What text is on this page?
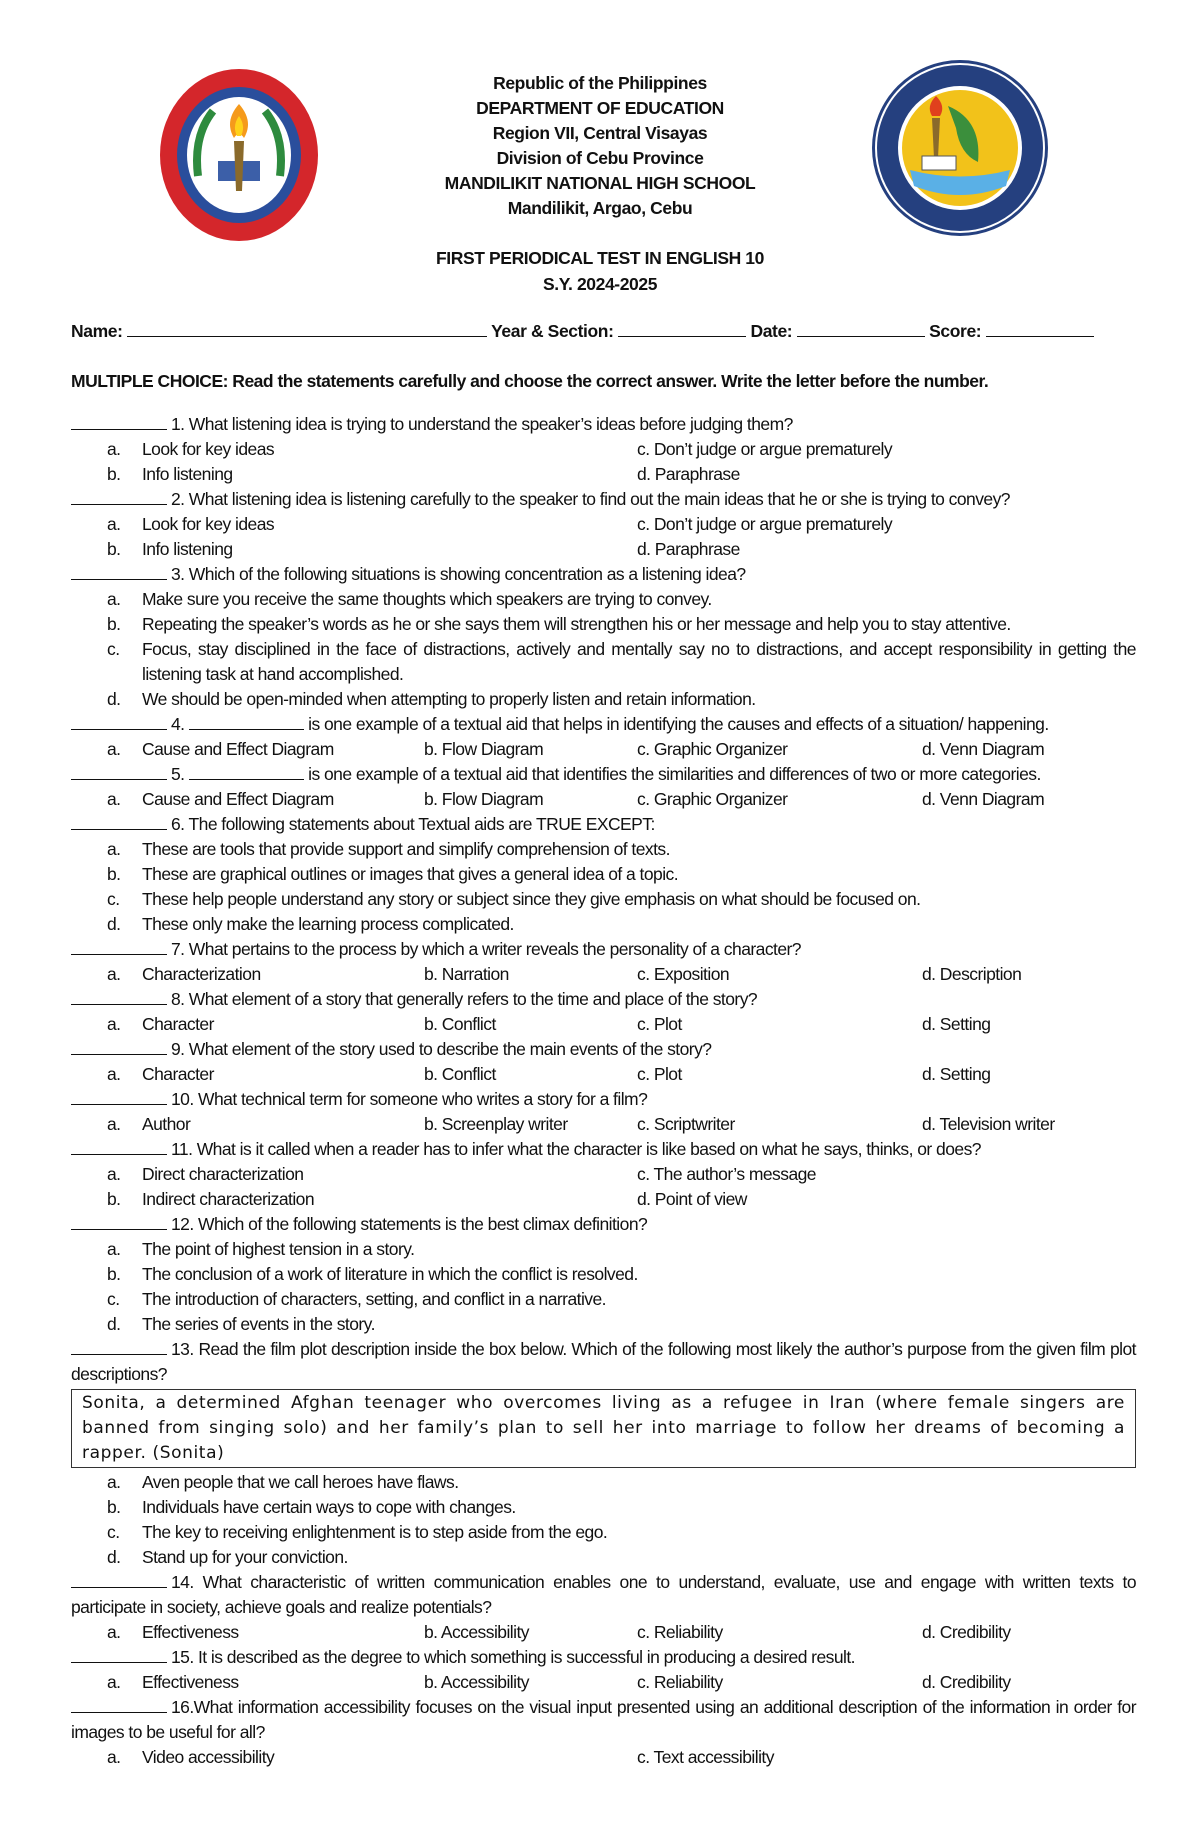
Republic of the Philippines
DEPARTMENT OF EDUCATION
Region VII, Central Visayas
Division of Cebu Province
MANDILIKIT NATIONAL HIGH SCHOOL
Mandilikit, Argao, Cebu
FIRST PERIODICAL TEST IN ENGLISH 10
S.Y. 2024-2025
Name:	Year & Section:	Date:	Score:
MULTIPLE CHOICE: Read the statements carefully and choose the correct answer. Write the letter before the number.
1. What listening idea is trying to understand the speaker’s ideas before judging them?
a. Look for key ideas	c. Don’t judge or argue prematurely
b. Info listening	d. Paraphrase
2. What listening idea is listening carefully to the speaker to find out the main ideas that he or she is trying to convey?
a. Look for key ideas	c. Don’t judge or argue prematurely
b. Info listening	d. Paraphrase
3. Which of the following situations is showing concentration as a listening idea?
a.	Make sure you receive the same thoughts which speakers are trying to convey.
b.	Repeating the speaker’s words as he or she says them will strengthen his or her message and help you to stay attentive.
c.	Focus, stay disciplined in the face of distractions, actively and mentally say no to distractions, and accept responsibility in getting the listening task at hand accomplished.
d.	We should be open-minded when attempting to properly listen and retain information.
4.	is one example of a textual aid that helps in identifying the causes and effects of a situation/ happening.
a. Cause and Effect Diagram	b. Flow Diagram	c. Graphic Organizer	d. Venn Diagram
5.	is one example of a textual aid that identifies the similarities and differences of two or more categories.
a. Cause and Effect Diagram	b. Flow Diagram	c. Graphic Organizer	d. Venn Diagram
6. The following statements about Textual aids are TRUE EXCEPT:
a.	These are tools that provide support and simplify comprehension of texts.
b.	These are graphical outlines or images that gives a general idea of a topic.
c.	These help people understand any story or subject since they give emphasis on what should be focused on.
d.	These only make the learning process complicated.
7. What pertains to the process by which a writer reveals the personality of a character?
a. Characterization	b. Narration	c. Exposition	d. Description
8. What element of a story that generally refers to the time and place of the story?
a. Character	b. Conflict	c. Plot	d. Setting
9. What element of the story used to describe the main events of the story?
a. Character	b. Conflict	c. Plot	d. Setting
10. What technical term for someone who writes a story for a film?
a. Author	b. Screenplay writer	c. Scriptwriter	d. Television writer
11. What is it called when a reader has to infer what the character is like based on what he says, thinks, or does?
a. Direct characterization	c. The author’s message
b. Indirect characterization	d. Point of view
12. Which of the following statements is the best climax definition?
a.	The point of highest tension in a story.
b.	The conclusion of a work of literature in which the conflict is resolved.
c.	The introduction of characters, setting, and conflict in a narrative.
d.	The series of events in the story.
13. Read the film plot description inside the box below. Which of the following most likely the author’s purpose from the given film plot descriptions?
Sonita, a determined Afghan teenager who overcomes living as a refugee in Iran (where female singers are banned from singing solo) and her family’s plan to sell her into marriage to follow her dreams of becoming a rapper. (Sonita)
a.	Aven people that we call heroes have flaws.
b.	Individuals have certain ways to cope with changes.
c.	The key to receiving enlightenment is to step aside from the ego.
d.	Stand up for your conviction.
14. What characteristic of written communication enables one to understand, evaluate, use and engage with written texts to participate in society, achieve goals and realize potentials?
a. Effectiveness	b. Accessibility	c. Reliability	d. Credibility
15. It is described as the degree to which something is successful in producing a desired result.
a. Effectiveness	b. Accessibility	c. Reliability	d. Credibility
16.What information accessibility focuses on the visual input presented using an additional description of the information in order for images to be useful for all?
a. Video accessibility	c. Text accessibility
